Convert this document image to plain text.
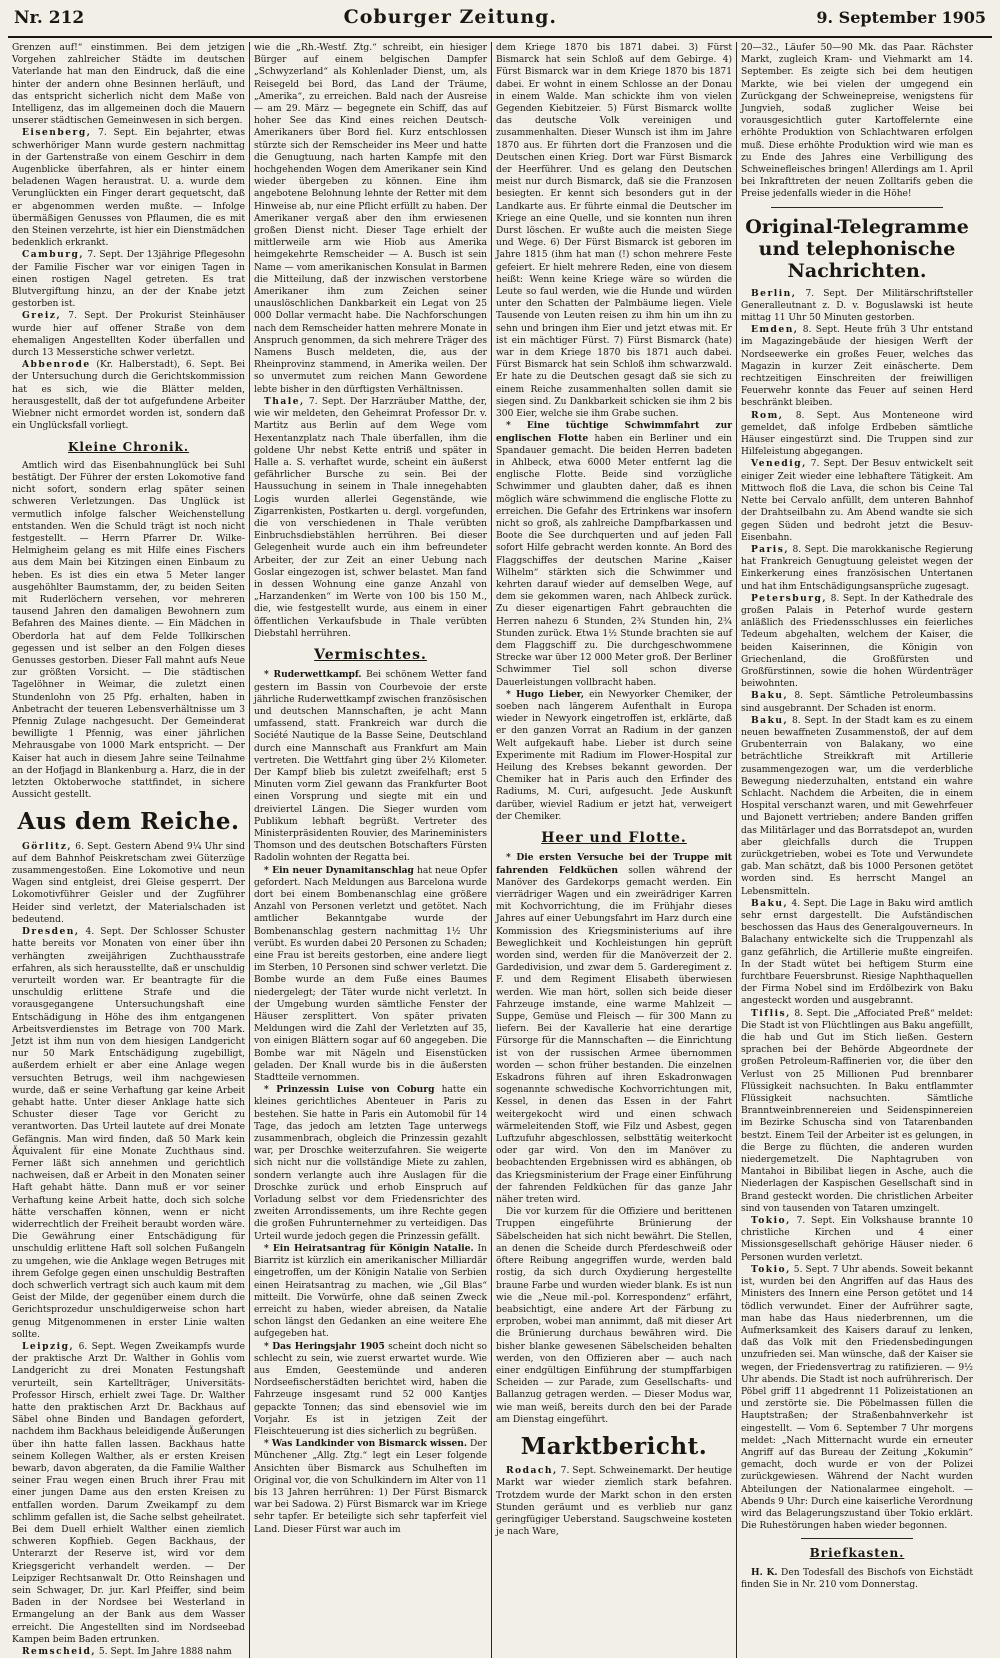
Nr. 212	Coburger Zeitung.	9. September 1905

Grenzen auf!“ einstimmen. Bei dem jetzigen Vorgehen zahlreicher Städte im deutschen Vaterlande hat man den Eindruck, daß die eine hinter der andern ohne Besinnen herläuft, und das entspricht sicherlich nicht dem Maße von Intelligenz, das im allgemeinen doch die Mauern unserer städtischen Gemeinwesen in sich bergen.

Eisenberg, 7. Sept. Ein bejahrter, etwas schwerhöriger Mann wurde gestern nachmittag in der Gartenstraße von einem Geschirr in dem Augenblicke überfahren, als er hinter einem beladenen Wagen heraustrat. U. a. wurde dem Verunglückten ein Finger derart gequetscht, daß er abgenommen werden mußte. — Infolge übermäßigen Genusses von Pflaumen, die es mit den Steinen verzehrte, ist hier ein Dienstmädchen bedenklich erkrankt.

Camburg, 7. Sept. Der 13jährige Pflegesohn der Familie Fischer war vor einigen Tagen in einen rostigen Nagel getreten. Es trat Blutvergiftung hinzu, an der der Knabe jetzt gestorben ist.

Greiz, 7. Sept. Der Prokurist Steinhäuser wurde hier auf offener Straße von dem ehemaligen Angestellten Koder überfallen und durch 13 Messerstiche schwer verletzt.

Abbenrode (Kr. Halberstadt), 6. Sept. Bei der Untersuchung durch die Gerichtskommission hat es sich, wie die Blätter melden, herausgestellt, daß der tot aufgefundene Arbeiter Wiebner nicht ermordet worden ist, sondern daß ein Unglücksfall vorliegt.

Kleine Chronik.

Amtlich wird das Eisenbahnunglück bei Suhl bestätigt. Der Führer der ersten Lokomotive fand nicht sofort, sondern erlag später seinen schweren Verletzungen. Das Unglück ist vermutlich infolge falscher Weichenstellung entstanden. Wen die Schuld trägt ist noch nicht festgestellt. — Herrn Pfarrer Dr. Wilke-Helmigheim gelang es mit Hilfe eines Fischers aus dem Main bei Kitzingen einen Einbaum zu heben. Es ist dies ein etwa 5 Meter langer ausgehöhlter Baumstamm, der, zu beiden Seiten mit Ruderlöchern versehen, vor mehreren tausend Jahren den damaligen Bewohnern zum Befahren des Maines diente. — Ein Mädchen in Oberdorla hat auf dem Felde Tollkirschen gegessen und ist selber an den Folgen dieses Genusses gestorben. Dieser Fall mahnt aufs Neue zur größten Vorsicht. — Die städtischen Tagelöhner in Weimar, die zuletzt einen Stundenlohn von 25 Pfg. erhalten, haben in Anbetracht der teueren Lebensverhältnisse um 3 Pfennig Zulage nachgesucht. Der Gemeinderat bewilligte 1 Pfennig, was einer jährlichen Mehrausgabe von 1000 Mark entspricht. — Der Kaiser hat auch in diesem Jahre seine Teilnahme an der Hofjagd in Blankenburg a. Harz, die in der letzten Oktoberwoche stattfindet, in sichere Aussicht gestellt.

Aus dem Reiche.

Görlitz, 6. Sept. Gestern Abend 9¼ Uhr sind auf dem Bahnhof Peiskretscham zwei Güterzüge zusammengestoßen. Eine Lokomotive und neun Wagen sind entgleist, drei Gleise gesperrt. Der Lokomotivführer Geisler und der Zugführer Heider sind verletzt, der Materialschaden ist bedeutend.

Dresden, 4. Sept. Der Schlosser Schuster hatte bereits vor Monaten von einer über ihn verhängten zweijährigen Zuchthausstrafe erfahren, als sich herausstellte, daß er unschuldig verurteilt worden war. Er beantragte für die unschuldig erlittene Strafe und die vorausgegangene Untersuchungshaft eine Entschädigung in Höhe des ihm entgangenen Arbeitsverdienstes im Betrage von 700 Mark. Jetzt ist ihm nun von dem hiesigen Landgericht nur 50 Mark Entschädigung zugebilligt, außerdem erhielt er aber eine Anlage wegen versuchten Betrugs, weil ihm nachgewiesen wurde, daß er seine Verhaftung gar keine Arbeit gehabt hatte. Unter dieser Anklage hatte sich Schuster dieser Tage vor Gericht zu verantworten. Das Urteil lautete auf drei Monate Gefängnis. Man wird finden, daß 50 Mark kein Äquivalent für eine Monate Zuchthaus sind. Ferner läßt sich annehmen und gerichtlich nachweisen, daß er Arbeit in den Monaten seiner Haft gehabt hätte. Dann muß er vor seiner Verhaftung keine Arbeit hatte, doch sich solche hätte verschaffen können, wenn er nicht widerrechtlich der Freiheit beraubt worden wäre. Die Gewährung einer Entschädigung für unschuldig erlittene Haft soll solchen Fußangeln zu umgehen, wie die Anklage wegen Betruges mit ihrem Gefolge gegen einen unschuldig Bestraften doch schwerlich vertragt sich auch kaum mit dem Geist der Milde, der gegenüber einem durch die Gerichtsprozedur unschuldigerweise schon hart genug Mitgenommenen in erster Linie walten sollte.

Leipzig, 6. Sept. Wegen Zweikampfs wurde der praktische Arzt Dr. Walther in Gohlis vom Landgericht zu drei Monaten Festungshaft verurteilt, sein Kartellträger, Universitäts-Professor Hirsch, erhielt zwei Tage. Dr. Walther hatte den praktischen Arzt Dr. Backhaus auf Säbel ohne Binden und Bandagen gefordert, nachdem ihm Backhaus beleidigende Äußerungen über ihn hatte fallen lassen. Backhaus hatte seinem Kollegen Walther, als er ersten Kreisen bewarb, davon abgeraten, da die Familie Walther seiner Frau wegen einen Bruch ihrer Frau mit einer jungen Dame aus den ersten Kreisen zu entfallen worden. Darum Zweikampf zu dem schlimm gefallen ist, die Sache selbst geheilratet. Bei dem Duell erhielt Walther einen ziemlich schweren Kopfhieb. Gegen Backhaus, der Unterarzt der Reserve ist, wird vor dem Kriegsgericht verhandelt werden. — Der Leipziger Rechtsanwalt Dr. Otto Reinshagen und sein Schwager, Dr. jur. Karl Pfeiffer, sind beim Baden in der Nordsee bei Westerland in Ermangelung an der Bank aus dem Wasser erreicht. Die Angestellten sind im Nordseebad Kampen beim Baden ertrunken.

Remscheid, 5. Sept. Im Jahre 1888 nahm

wie die „Rh.-Westf. Ztg.“ schreibt, ein hiesiger Bürger auf einem belgischen Dampfer „Schwyzerland“ als Kohlenlader Dienst, um, als Reisegeld bei Bord, das Land der Träume, „Amerika“, zu erreichen. Bald nach der Ausreise — am 29. März — begegnete ein Schiff, das auf hoher See das Kind eines reichen Deutsch-Amerikaners über Bord fiel. Kurz entschlossen stürzte sich der Remscheider ins Meer und hatte die Genugtuung, nach harten Kampfe mit den hochgehenden Wogen dem Amerikaner sein Kind wieder übergeben zu können. Eine ihm angebotene Belohnung lehnte der Retter mit dem Hinweise ab, nur eine Pflicht erfüllt zu haben. Der Amerikaner vergaß aber den ihm erwiesenen großen Dienst nicht. Dieser Tage erhielt der mittlerweile arm wie Hiob aus Amerika heimgekehrte Remscheider — A. Busch ist sein Name — vom amerikanischen Konsulat in Barmen die Mitteilung, daß der inzwischen verstorbene Amerikaner ihm zum Zeichen seiner unauslöschlichen Dankbarkeit ein Legat von 25 000 Dollar vermacht habe. Die Nachforschungen nach dem Remscheider hatten mehrere Monate in Anspruch genommen, da sich mehrere Träger des Namens Busch meldeten, die, aus der Rheinprovinz stammend, in Amerika weilen. Der so unvermutet zum reichen Mann Gewordene lebte bisher in den dürftigsten Verhältnissen.

Thale, 7. Sept. Der Harzräuber Matthe, der, wie wir meldeten, den Geheimrat Professor Dr. v. Martitz aus Berlin auf dem Wege vom Hexentanzplatz nach Thale überfallen, ihm die goldene Uhr nebst Kette entriß und später in Halle a. S. verhaftet wurde, scheint ein äußerst gefährlicher Bursche zu sein. Bei der Haussuchung in seinem in Thale innegehabten Logis wurden allerlei Gegenstände, wie Zigarrenkisten, Postkarten u. dergl. vorgefunden, die von verschiedenen in Thale verübten Einbruchsdiebstählen herrühren. Bei dieser Gelegenheit wurde auch ein ihm befreundeter Arbeiter, der zur Zeit an einer Uebung nach Goslar eingezogen ist, schwer belastet. Man fand in dessen Wohnung eine ganze Anzahl von „Harzandenken“ im Werte von 100 bis 150 M., die, wie festgestellt wurde, aus einem in einer öffentlichen Verkaufsbude in Thale verübten Diebstahl herrühren.

Vermischtes.

* Ruderwettkampf. Bei schönem Wetter fand gestern im Bassin von Courbevoie der erste jährliche Ruderwettkampf zwischen französischen und deutschen Mannschaften, je acht Mann umfassend, statt. Frankreich war durch die Société Nautique de la Basse Seine, Deutschland durch eine Mannschaft aus Frankfurt am Main vertreten. Die Wettfahrt ging über 2½ Kilometer. Der Kampf blieb bis zuletzt zweifelhaft; erst 5 Minuten vorm Ziel gewann das Frankfurter Boot einen Vorsprung und siegte mit ein und dreiviertel Längen. Die Sieger wurden vom Publikum lebhaft begrüßt. Vertreter des Ministerpräsidenten Rouvier, des Marineministers Thomson und des deutschen Botschafters Fürsten Radolin wohnten der Regatta bei.

* Ein neuer Dynamitanschlag hat neue Opfer gefordert. Nach Meldungen aus Barcelona wurde dort bei einem Bombenanschlag eine größere Anzahl von Personen verletzt und getötet. Nach amtlicher Bekanntgabe wurde der Bombenanschlag gestern nachmittag 1½ Uhr verübt. Es wurden dabei 20 Personen zu Schaden; eine Frau ist bereits gestorben, eine andere liegt im Sterben, 10 Personen sind schwer verletzt. Die Bombe wurde an dem Fuße eines Baumes niedergelegt; der Täter wurde nicht verletzt. In der Umgebung wurden sämtliche Fenster der Häuser zersplittert. Von später privaten Meldungen wird die Zahl der Verletzten auf 35, von einigen Blättern sogar auf 60 angegeben. Die Bombe war mit Nägeln und Eisenstücken geladen. Der Knall wurde bis in die äußersten Stadtteile vernommen.

* Prinzessin Luise von Coburg hatte ein kleines gerichtliches Abenteuer in Paris zu bestehen. Sie hatte in Paris ein Automobil für 14 Tage, das jedoch am letzten Tage unterwegs zusammenbrach, obgleich die Prinzessin gezahlt war, per Droschke weiterzufahren. Sie weigerte sich nicht nur die vollständige Miete zu zahlen, sondern verlangte auch ihre Auslagen für die Droschke zurück und erhob Einspruch auf Vorladung selbst vor dem Friedensrichter des zweiten Arrondissements, um ihre Rechte gegen die großen Fuhrunternehmer zu verteidigen. Das Urteil wurde jedoch gegen die Prinzessin gefällt.

* Ein Heiratsantrag für Königin Natalie. In Biarritz ist kürzlich ein amerikanischer Milliardär eingetroffen, um der Königin Natalie von Serbien einen Heiratsantrag zu machen, wie „Gil Blas“ mitteilt. Die Vorwürfe, ohne daß seinen Zweck erreicht zu haben, wieder abreisen, da Natalie schon längst den Gedanken an eine weitere Ehe aufgegeben hat.

* Das Heringsjahr 1905 scheint doch nicht so schlecht zu sein, wie zuerst erwartet wurde. Wie aus Emden, Geestemünde und anderen Nordseefischerstädten berichtet wird, haben die Fahrzeuge insgesamt rund 52 000 Kantjes gepackte Tonnen; das sind ebensoviel wie im Vorjahr. Es ist in jetzigen Zeit der Fleischteuerung ist dies sicherlich zu begrüßen.

* Was Landkinder von Bismarck wissen. Der Münchener „Allg. Ztg.“ legt ein Leser folgende Ansichten über Bismarck aus Schulheften im Original vor, die von Schulkindern im Alter von 11 bis 13 Jahren herrühren: 1) Der Fürst Bismarck war bei Sadowa. 2) Fürst Bismarck war im Kriege sehr tapfer. Er beteiligte sich sehr tapferfeit viel Land. Dieser Fürst war auch im

dem Kriege 1870 bis 1871 dabei. 3) Fürst Bismarck hat sein Schloß auf dem Gebirge. 4) Fürst Bismarck war in dem Kriege 1870 bis 1871 dabei. Er wohnt in einem Schlosse an der Donau in einem Walde. Man schickte ihm von vielen Gegenden Kiebitzeier. 5) Fürst Bismarck wollte das deutsche Volk vereinigen und zusammenhalten. Dieser Wunsch ist ihm im Jahre 1870 aus. Er führten dort die Franzosen und die Deutschen einen Krieg. Dort war Fürst Bismarck der Heerführer. Und es gelang den Deutschen meist nur durch Bismarck, daß sie die Franzosen besiegten. Er kennt sich besonders gut in der Landkarte aus. Er führte einmal die Deutscher im Kriege an eine Quelle, und sie konnten nun ihren Durst löschen. Er wußte auch die meisten Siege und Wege. 6) Der Fürst Bismarck ist geboren im Jahre 1815 (ihm hat man (!) schon mehrere Feste gefeiert. Er hielt mehrere Reden, eine von diesem heißt: Wenn keine Kriege wäre so würden die Leute so faul werden, wie die Hunde und würden unter den Schatten der Palmbäume liegen. Viele Tausende von Leuten reisen zu ihm hin um ihn zu sehn und bringen ihm Eier und jetzt etwas mit. Er ist ein mächtiger Fürst. 7) Fürst Bismarck (hate) war in dem Kriege 1870 bis 1871 auch dabei. Fürst Bismarck hat sein Schloß ihm schwarzwald. Er hate zu die Deutschen gesagt daß sie sich zu einem Reiche zusammenhalten sollen damit sie siegen sind. Zu Dankbarkeit schicken sie ihm 2 bis 300 Eier, welche sie ihm Grabe suchen.

* Eine tüchtige Schwimmfahrt zur englischen Flotte haben ein Berliner und ein Spandauer gemacht. Die beiden Herren badeten in Ahlbeck, etwa 6000 Meter entfernt lag die englische Flotte. Beide sind vorzügliche Schwimmer und glaubten daher, daß es ihnen möglich wäre schwimmend die englische Flotte zu erreichen. Die Gefahr des Ertrinkens war insofern nicht so groß, als zahlreiche Dampfbarkassen und Boote die See durchquerten und auf jeden Fall sofort Hilfe gebracht werden konnte. An Bord des Flaggschiffes der deutschen Marine „Kaiser Wilhelm“ stärkten sich die Schwimmer und kehrten darauf wieder auf demselben Wege, auf dem sie gekommen waren, nach Ahlbeck zurück. Zu dieser eigenartigen Fahrt gebrauchten die Herren nahezu 6 Stunden, 2¾ Stunden hin, 2¾ Stunden zurück. Etwa 1½ Stunde brachten sie auf dem Flaggschiff zu. Die durchgeschwommene Strecke war über 12 000 Meter groß. Der Berliner Schwimmer Tiel soll schon diverse Dauerleistungen vollbracht haben.

* Hugo Lieber, ein Newyorker Chemiker, der soeben nach längerem Aufenthalt in Europa wieder in Newyork eingetroffen ist, erklärte, daß er den ganzen Vorrat an Radium in der ganzen Welt aufgekauft habe. Lieber ist durch seine Experimente mit Radium im Flower-Hospital zur Heilung des Krebses bekannt geworden. Der Chemiker hat in Paris auch den Erfinder des Radiums, M. Curi, aufgesucht. Jede Auskunft darüber, wieviel Radium er jetzt hat, verweigert der Chemiker.

Heer und Flotte.

* Die ersten Versuche bei der Truppe mit fahrenden Feldküchen sollen während der Manöver des Gardekorps gemacht werden. Ein vierrädriger Wagen und ein zweirädriger Karren mit Kochvorrichtung, die im Frühjahr dieses Jahres auf einer Uebungsfahrt im Harz durch eine Kommission des Kriegsministeriums auf ihre Beweglichkeit und Kochleistungen hin geprüft worden sind, werden für die Manöverzeit der 2. Gardedivision, und zwar dem 5. Garderegiment z. F. und dem Regiment Elisabeth überwiesen werden. Wie man hört, sollen sich beide dieser Fahrzeuge imstande, eine warme Mahlzeit — Suppe, Gemüse und Fleisch — für 300 Mann zu liefern. Bei der Kavallerie hat eine derartige Fürsorge für die Mannschaften — die Einrichtung ist von der russischen Armee übernommen worden — schon früher bestanden. Die einzelnen Eskadrons führen auf ihren Eskadronwagen sogenannte schwedische Kochvorrichtungen mit, Kessel, in denen das Essen in der Fahrt weitergekocht wird und einen schwach wärmeleitenden Stoff, wie Filz und Asbest, gegen Luftzufuhr abgeschlossen, selbsttätig weiterkocht oder gar wird. Von den im Manöver zu beobachtenden Ergebnissen wird es abhängen, ob das Kriegsministerium der Frage einer Einführung der fahrenden Feldküchen für das ganze Jahr näher treten wird.

Die vor kurzem für die Offiziere und berittenen Truppen eingeführte Brünierung der Säbelscheiden hat sich nicht bewährt. Die Stellen, an denen die Scheide durch Pferdeschweiß oder öftere Reibung angegriffen wurde, werden bald rostig, da sich durch Oxydierung hergestellte braune Farbe und wurden wieder blank. Es ist nun wie die „Neue mil.-pol. Korrespondenz“ erfährt, beabsichtigt, eine andere Art der Färbung zu erproben, wobei man annimmt, daß mit dieser Art die Brünierung durchaus bewähren wird. Die bisher blanke gewesenen Säbelscheiden behalten werden, von den Offizieren aber — auch nach einer endgültigen Einführung der stumpffarbigen Scheiden — zur Parade, zum Gesellschafts- und Ballanzug getragen werden. — Dieser Modus war, wie man weiß, bereits durch den bei der Parade am Dienstag eingeführt.

Marktbericht.

Rodach, 7. Sept. Schweinemarkt. Der heutige Markt war wieder ziemlich stark befahren. Trotzdem wurde der Markt schon in den ersten Stunden geräumt und es verblieb nur ganz geringfügiger Ueberstand. Saugschweine kosteten je nach Ware,

20—32., Läufer 50—90 Mk. das Paar. Rächster Markt, zugleich Kram- und Viehmarkt am 14. September. Es zeigte sich bei dem heutigen Markte, wie bei vielen der umgegend ein Zurückgang der Schweinepreise, wenigstens für Jungvieh, sodaß zuglicher Weise bei vorausgesichtlich guter Kartoffelernte eine erhöhte Produktion von Schlachtwaren erfolgen muß. Diese erhöhte Produktion wird wie man es zu Ende des Jahres eine Verbilligung des Schweinefleisches bringen! Allerdings am 1. April bei Inkrafttreten der neuen Zolltarifs geben die Preise jedenfalls wieder in die Höhe!

Original-Telegramme und telephonische Nachrichten.

Berlin, 7. Sept. Der Militärschriftsteller Generalleutnant z. D. v. Boguslawski ist heute mittag 11 Uhr 50 Minuten gestorben.

Emden, 8. Sept. Heute früh 3 Uhr entstand im Magazingebäude der hiesigen Werft der Nordseewerke ein großes Feuer, welches das Magazin in kurzer Zeit einäscherte. Dem rechtzeitigen Einschreiten der freiwilligen Feuerwehr konnte das Feuer auf seinen Herd beschränkt bleiben.

Rom, 8. Sept. Aus Monteneone wird gemeldet, daß infolge Erdbeben sämtliche Häuser eingestürzt sind. Die Truppen sind zur Hilfeleistung abgegangen.

Venedig, 7. Sept. Der Besuv entwickelt seit einiger Zeit wieder eine lebhaftere Tätigkeit. Am Mittwoch floß die Lava, die schon bis Ceine Tal Nette bei Cervalo anfüllt, dem unteren Bahnhof der Drahtseilbahn zu. Am Abend wandte sie sich gegen Süden und bedroht jetzt die Besuv-Eisenbahn.

Paris, 8. Sept. Die marokkanische Regierung hat Frankreich Genugtuung geleistet wegen der Einkerkerung eines französischen Untertanen und hat ihm Entschädigungsansprüche zugesagt.

Petersburg, 8. Sept. In der Kathedrale des großen Palais in Peterhof wurde gestern anläßlich des Friedensschlusses ein feierliches Tedeum abgehalten, welchem der Kaiser, die beiden Kaiserinnen, die Königin von Griechenland, die Großfürsten und Großfürstinnen, sowie die hohen Würdenträger beiwohnten.

Baku, 8. Sept. Sämtliche Petroleumbassins sind ausgebrannt. Der Schaden ist enorm.

Baku, 8. Sept. In der Stadt kam es zu einem neuen bewaffneten Zusammenstoß, der auf dem Grubenterrain von Balakany, wo eine beträchtliche Streikkraft mit Artillerie zusammengezogen war, um die verderbliche Bewegung niederzuhalten, entstand ein wahre Schlacht. Nachdem die Arbeiten, die in einem Hospital verschanzt waren, und mit Gewehrfeuer und Bajonett vertrieben; andere Banden griffen das Militärlager und das Borratsdepot an, wurden aber gleichfalls durch die Truppen zurückgetrieben, wobei es Tote und Verwundete gab. Man schätzt, daß bis 1000 Personen getötet worden sind. Es herrscht Mangel an Lebensmitteln.

Baku, 4. Sept. Die Lage in Baku wird amtlich sehr ernst dargestellt. Die Aufständischen beschossen das Haus des Generalgouverneurs. In Balachany entwickelte sich die Truppenzahl als ganz gefährlich, die Artillerie mußte eingreifen. In der Stadt wütet bei heftigem Sturm eine furchtbare Feuersbrunst. Riesige Naphthaquellen der Firma Nobel sind im Erdölbezirk von Baku angesteckt worden und ausgebrannt.

Tiflis, 8. Sept. Die „Affociated Preß“ meldet: Die Stadt ist von Flüchtlingen aus Baku angefüllt, die hab und Gut im Stich ließen. Gestern sprachen bei der Behörde Abgeordnete der großen Petroleum-Raffinerien vor, die über den Verlust von 25 Millionen Pud brennbarer Flüssigkeit nachsuchten. In Baku entflammter Flüssigkeit nachsuchten. Sämtliche Branntweinbrennereien und Seidenspinnereien im Bezirke Schuscha sind von Tatarenbanden bestzt. Einem Teil der Arbeiter ist es gelungen, in die Berge zu flüchten, die anderen wurden niedergemetzelt. Die Naphtagruben von Mantahoi in Bibilibat liegen in Asche, auch die Niederlagen der Kaspischen Gesellschaft sind in Brand gesteckt worden. Die christlichen Arbeiter sind von tausenden von Tataren umzingelt.

Tokio, 7. Sept. Ein Volkshause brannte 10 christliche Kirchen und 4 einer Missionsgesellschaft gehörige Häuser nieder. 6 Personen wurden verletzt.

Tokio, 5. Sept. 7 Uhr abends. Soweit bekannt ist, wurden bei den Angriffen auf das Haus des Ministers des Innern eine Person getötet und 14 tödlich verwundet. Einer der Aufrührer sagte, man habe das Haus niederbrennen, um die Aufmerksamkeit des Kaisers darauf zu lenken, daß das Volk mit den Friedensbedingungen unzufrieden sei. Man wünsche, daß der Kaiser sie wegen, der Friedensvertrag zu ratifizieren. — 9½ Uhr abends. Die Stadt ist noch aufrührerisch. Der Pöbel griff 11 abgedrennt 11 Polizeistationen an und zerstörte sie. Die Pöbelmassen füllen die Hauptstraßen; der Straßenbahnverkehr ist eingestellt. — Vom 6. September 7 Uhr morgens meldet: „Nach Mitternacht wurde ein erneuter Angriff auf das Bureau der Zeitung „Kokumin“ gemacht, doch wurde er von der Polizei zurückgewiesen. Während der Nacht wurden Abteilungen der Nationalarmee eingeholt. — Abends 9 Uhr: Durch eine kaiserliche Verordnung wird das Belagerungszustand über Tokio erklärt. Die Ruhestörungen haben wieder begonnen.

Briefkasten.

H. K. Den Todesfall des Bischofs von Eichstädt finden Sie in Nr. 210 vom Donnerstag.
